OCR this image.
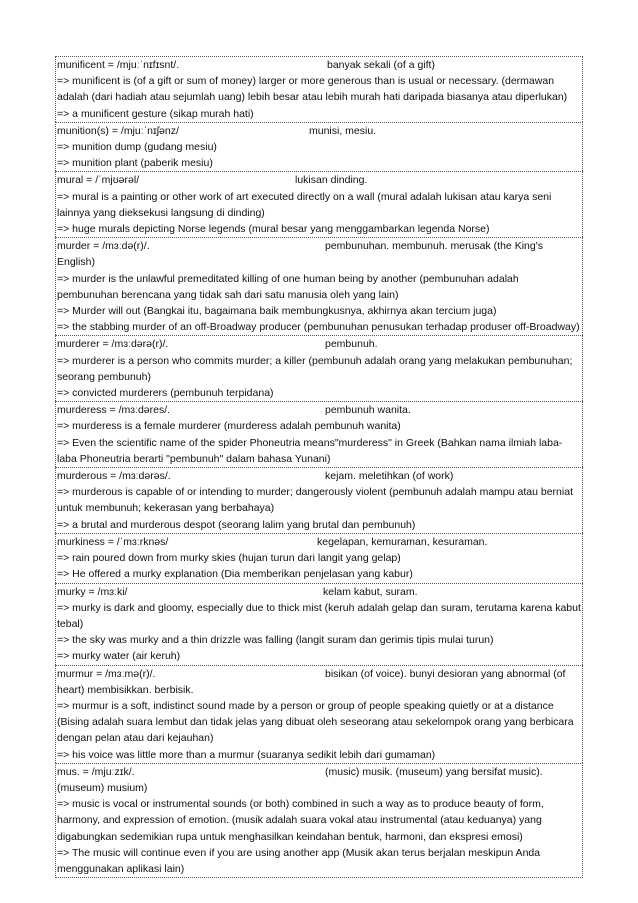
munificent = /mjuːˈnɪfɪsnt/.	banyak sekali (of a gift)
=> munificent is (of a gift or sum of money) larger or more generous than is usual or necessary. (dermawan adalah (dari hadiah atau sejumlah uang) lebih besar atau lebih murah hati daripada biasanya atau diperlukan)
=> a munificent gesture (sikap murah hati)
munition(s) = /mjuːˈnɪʃənz/	munisi, mesiu.
=> munition dump (gudang mesiu)
=> munition plant (paberik mesiu)
mural = /ˈmjʊərəl/	lukisan dinding.
=> mural is a painting or other work of art executed directly on a wall (mural adalah lukisan atau karya seni lainnya yang dieksekusi langsung di dinding)
=> huge murals depicting Norse legends (mural besar yang menggambarkan legenda Norse)
murder = /mɜːdə(r)/.	pembunuhan. membunuh. merusak (the King's English)
=> murder is the unlawful premeditated killing of one human being by another (pembunuhan adalah pembunuhan berencana yang tidak sah dari satu manusia oleh yang lain)
=> Murder will out (Bangkai itu, bagaimana baik membungkusnya, akhirnya akan tercium juga)
=> the stabbing murder of an off-Broadway producer (pembunuhan penusukan terhadap produser off-Broadway)
murderer = /mɜːdərə(r)/.	pembunuh.
=> murderer is a person who commits murder; a killer (pembunuh adalah orang yang melakukan pembunuhan; seorang pembunuh)
=> convicted murderers (pembunuh terpidana)
murderess = /mɜːdəres/.	pembunuh wanita.
=> murderess is a female murderer (murderess adalah pembunuh wanita)
=> Even the scientific name of the spider Phoneutria means"murderess" in Greek (Bahkan nama ilmiah laba-laba Phoneutria berarti "pembunuh" dalam bahasa Yunani)
murderous = /mɜːdərəs/.	kejam. meletihkan (of work)
=> murderous is capable of or intending to murder; dangerously violent (pembunuh adalah mampu atau berniat untuk membunuh; kekerasan yang berbahaya)
=> a brutal and murderous despot (seorang lalim yang brutal dan pembunuh)
murkiness = /ˈmɜːrknəs/	kegelapan, kemuraman, kesuraman.
=> rain poured down from murky skies (hujan turun dari langit yang gelap)
=> He offered a murky explanation (Dia memberikan penjelasan yang kabur)
murky = /mɜːki/	kelam kabut, suram.
=> murky is dark and gloomy, especially due to thick mist (keruh adalah gelap dan suram, terutama karena kabut tebal)
=> the sky was murky and a thin drizzle was falling (langit suram dan gerimis tipis mulai turun)
=> murky water (air keruh)
murmur = /mɜːmə(r)/.	bisikan (of voice). bunyi desioran yang abnormal (of heart) membisikkan. berbisik.
=> murmur is a soft, indistinct sound made by a person or group of people speaking quietly or at a distance (Bising adalah suara lembut dan tidak jelas yang dibuat oleh seseorang atau sekelompok orang yang berbicara dengan pelan atau dari kejauhan)
=> his voice was little more than a murmur (suaranya sedikit lebih dari gumaman)
mus. = /mjuːzɪk/.	(music) musik. (museum) yang bersifat music). (museum) musium)
=> music is vocal or instrumental sounds (or both) combined in such a way as to produce beauty of form, harmony, and expression of emotion. (musik adalah suara vokal atau instrumental (atau keduanya) yang digabungkan sedemikian rupa untuk menghasilkan keindahan bentuk, harmoni, dan ekspresi emosi)
=> The music will continue even if you are using another app (Musik akan terus berjalan meskipun Anda menggunakan aplikasi lain)
